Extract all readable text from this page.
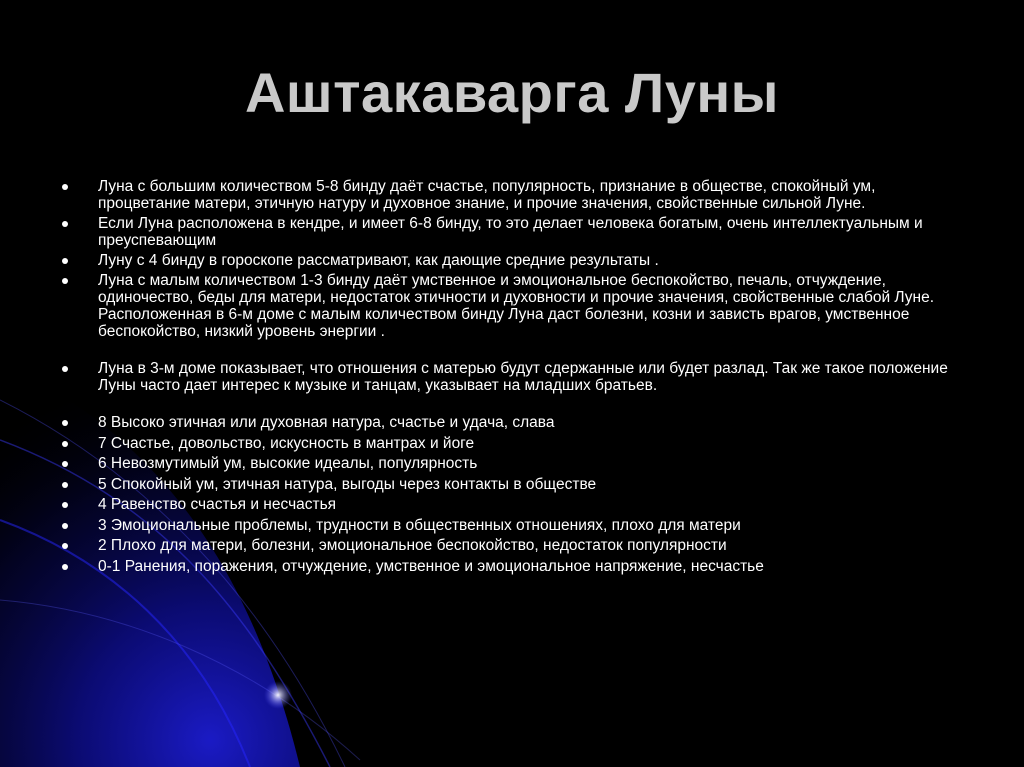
Аштакаварга Луны
Луна с большим количеством 5-8 бинду даёт счастье, популярность, признание в обществе, спокойный ум, процветание матери, этичную натуру и духовное знание, и прочие значения, свойственные сильной Луне.
Если Луна расположена в кендре, и имеет 6-8 бинду, то это делает человека богатым, очень интеллектуальным и преуспевающим
Луну с 4 бинду в гороскопе рассматривают, как дающие средние результаты .
Луна с малым количеством 1-3 бинду даёт умственное и эмоциональное беспокойство, печаль, отчуждение, одиночество, беды для матери, недостаток этичности и духовности и прочие значения, свойственные слабой Луне. Расположенная в 6-м доме с малым количеством бинду Луна даст болезни, козни и зависть врагов, умственное беспокойство, низкий уровень энергии .
Луна в 3-м доме показывает, что отношения с матерью будут сдержанные или будет разлад. Так же такое положение Луны часто дает интерес к музыке и танцам, указывает на младших братьев.
8 Высоко этичная или духовная натура, счастье и удача, слава
7 Счастье, довольство, искусность в мантрах и йоге
6 Невозмутимый ум, высокие идеалы, популярность
5 Спокойный ум, этичная натура, выгоды через контакты в обществе
4 Равенство счастья и несчастья
3 Эмоциональные проблемы, трудности в общественных отношениях, плохо для матери
2 Плохо для матери, болезни, эмоциональное беспокойство, недостаток популярности
0-1 Ранения, поражения, отчуждение, умственное и эмоциональное напряжение, несчастье
